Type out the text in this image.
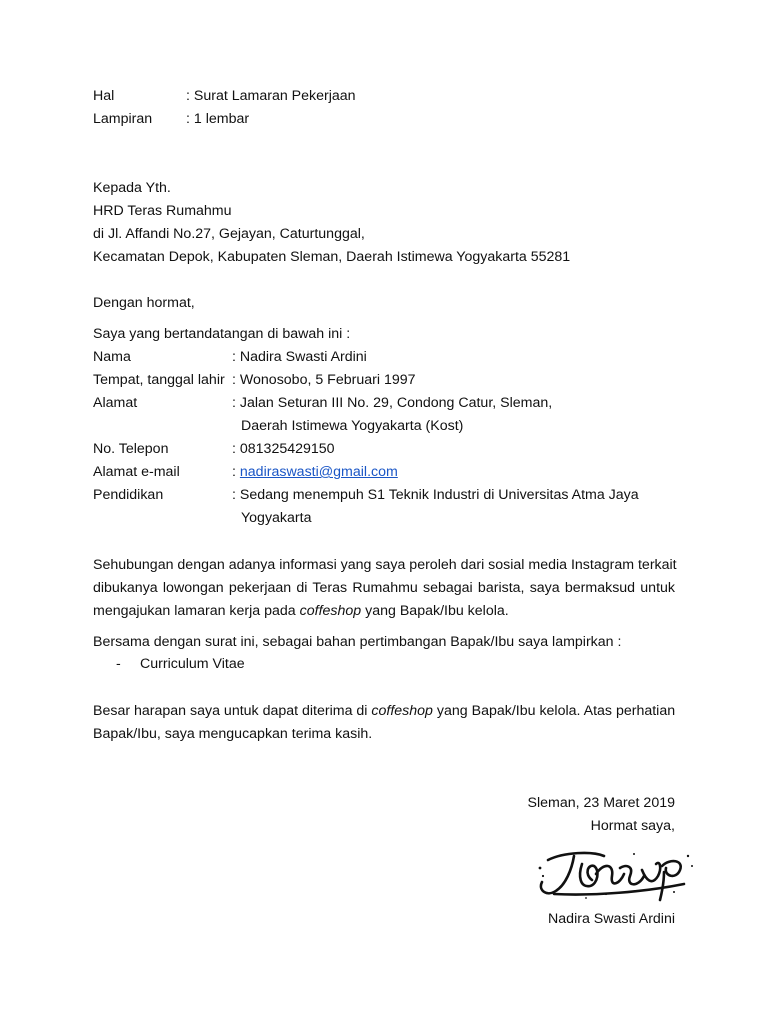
Hal	: Surat Lamaran Pekerjaan
Lampiran : 1 lembar
Kepada Yth.
HRD Teras Rumahmu
di Jl. Affandi No.27, Gejayan, Caturtunggal,
Kecamatan Depok, Kabupaten Sleman, Daerah Istimewa Yogyakarta 55281
Dengan hormat,
Saya yang bertandatangan di bawah ini :
Nama	: Nadira Swasti Ardini
Tempat, tanggal lahir : Wonosobo, 5 Februari 1997
Alamat	: Jalan Seturan III No. 29, Condong Catur, Sleman,
Daerah Istimewa Yogyakarta (Kost)
No. Telepon	: 081325429150
Alamat e-mail	: nadiraswasti@gmail.com
Pendidikan	: Sedang menempuh S1 Teknik Industri di Universitas Atma Jaya
Yogyakarta
Sehubungan dengan adanya informasi yang saya peroleh dari sosial media Instagram terkait
dibukanya lowongan pekerjaan di Teras Rumahmu sebagai barista, saya bermaksud untuk
mengajukan lamaran kerja pada coffeshop yang Bapak/Ibu kelola.
Bersama dengan surat ini, sebagai bahan pertimbangan Bapak/Ibu saya lampirkan :
- Curriculum Vitae
Besar harapan saya untuk dapat diterima di coffeshop yang Bapak/Ibu kelola. Atas perhatian
Bapak/Ibu, saya mengucapkan terima kasih.
Sleman, 23 Maret 2019
Hormat saya,
Nadira Swasti Ardini
